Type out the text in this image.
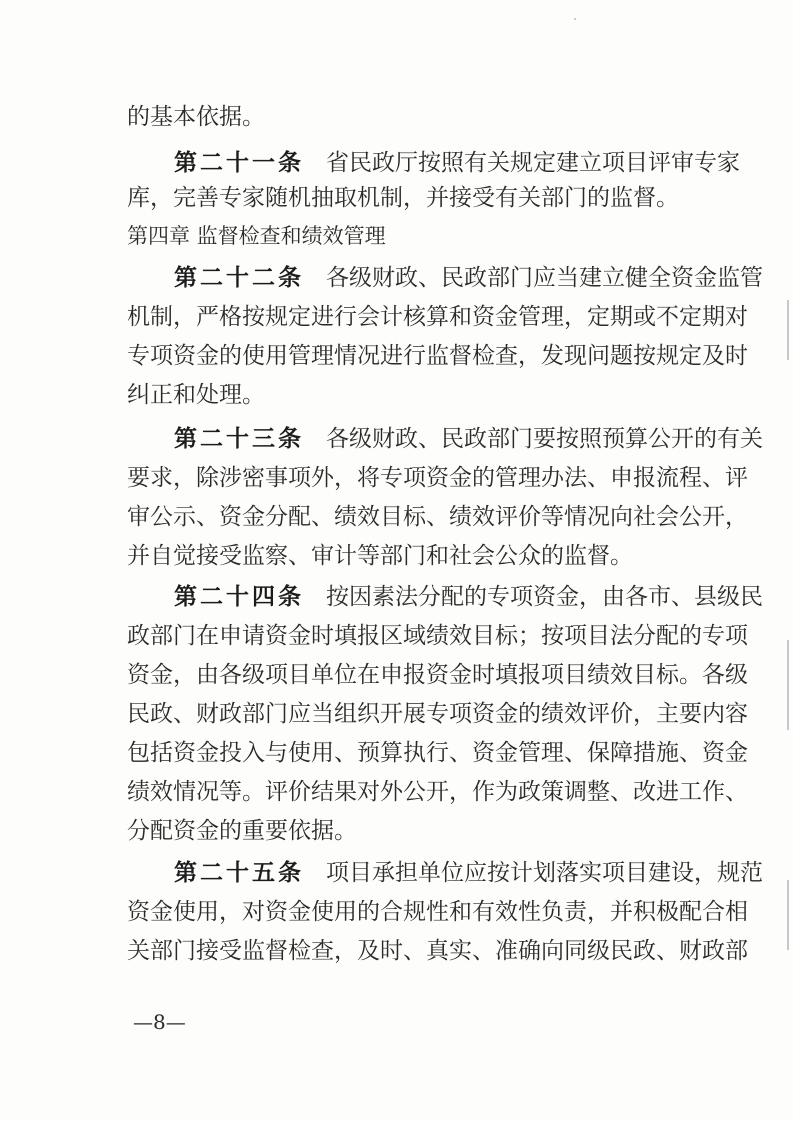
的基本依据。
第二十一条 省民政厅按照有关规定建立项目评审专家
库，完善专家随机抽取机制，并接受有关部门的监督。
第四章 监督检查和绩效管理
第二十二条 各级财政、民政部门应当建立健全资金监管
机制，严格按规定进行会计核算和资金管理，定期或不定期对
专项资金的使用管理情况进行监督检查，发现问题按规定及时
纠正和处理。
第二十三条 各级财政、民政部门要按照预算公开的有关
要求，除涉密事项外，将专项资金的管理办法、申报流程、评
审公示、资金分配、绩效目标、绩效评价等情况向社会公开，
并自觉接受监察、审计等部门和社会公众的监督。
第二十四条 按因素法分配的专项资金，由各市、县级民
政部门在申请资金时填报区域绩效目标；按项目法分配的专项
资金，由各级项目单位在申报资金时填报项目绩效目标。各级
民政、财政部门应当组织开展专项资金的绩效评价，主要内容
包括资金投入与使用、预算执行、资金管理、保障措施、资金
绩效情况等。评价结果对外公开，作为政策调整、改进工作、
分配资金的重要依据。
第二十五条 项目承担单位应按计划落实项目建设，规范
资金使用，对资金使用的合规性和有效性负责，并积极配合相
关部门接受监督检查，及时、真实、准确向同级民政、财政部
—8—
